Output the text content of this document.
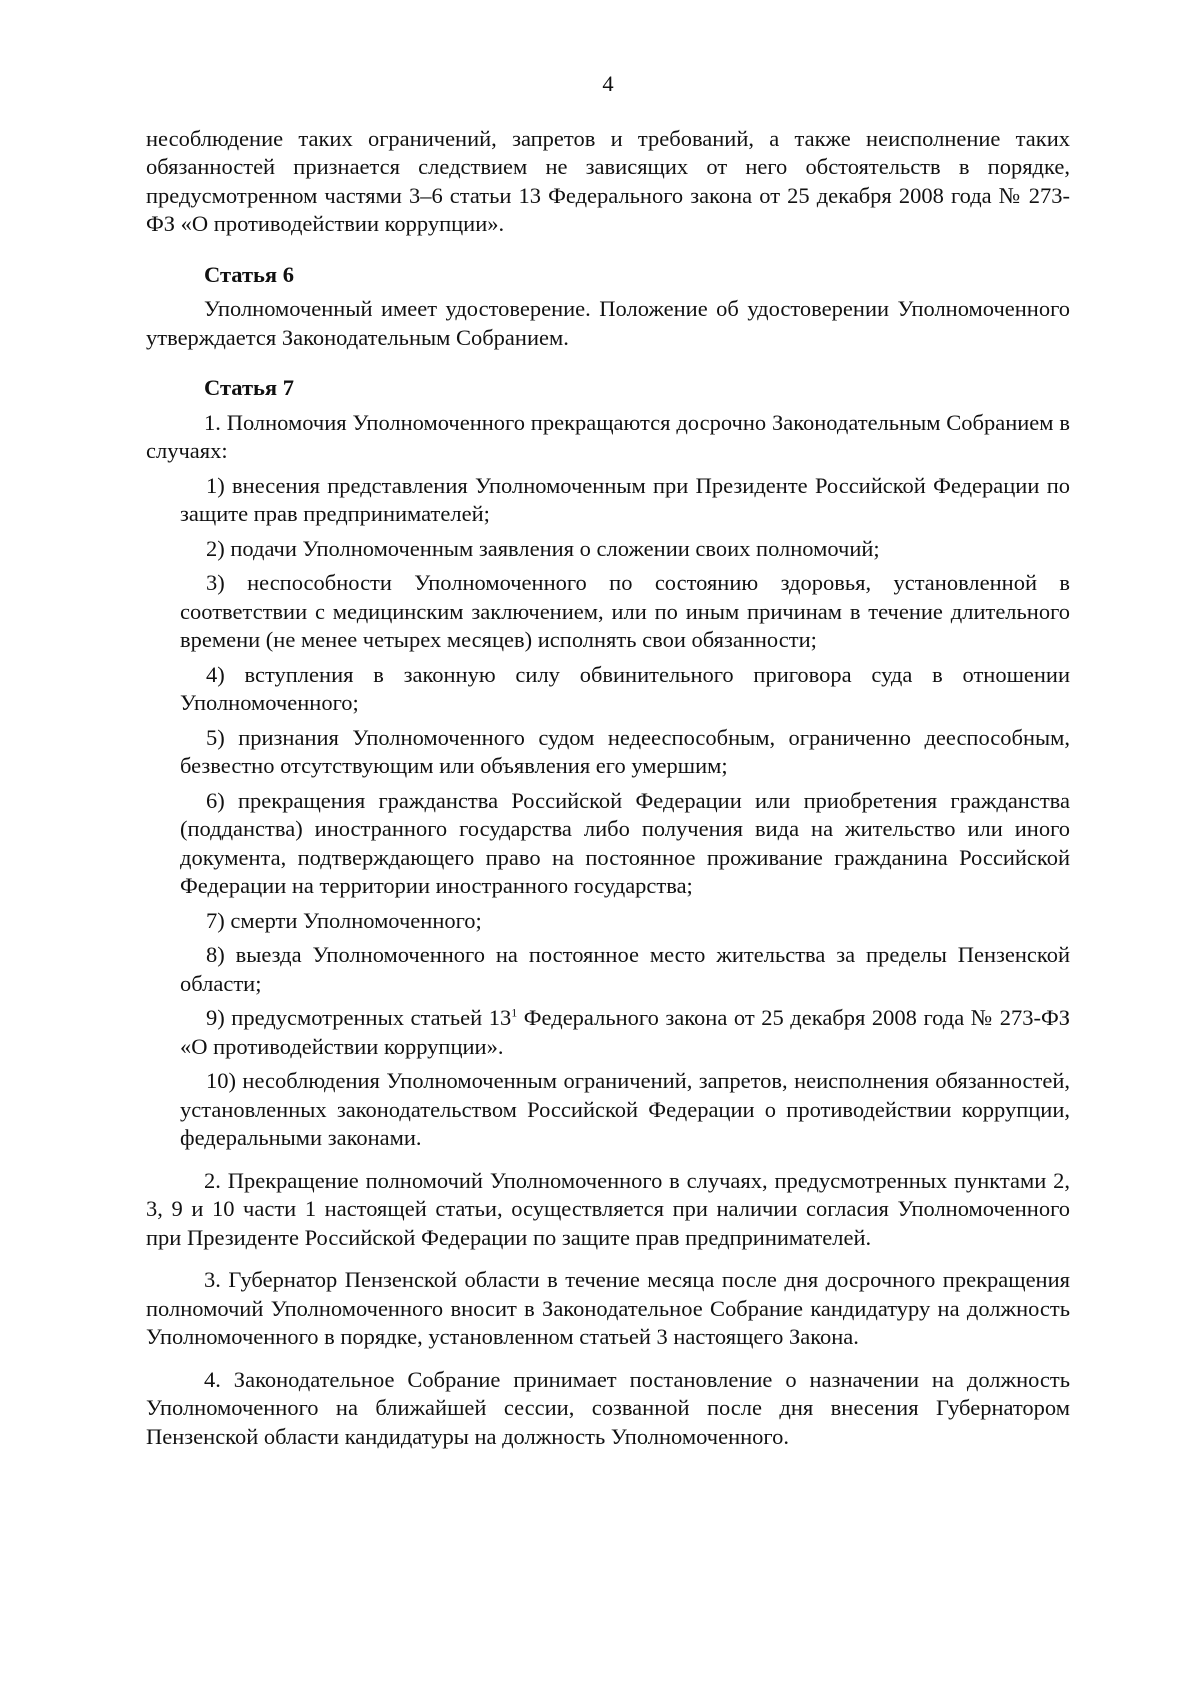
4

несоблюдение таких ограничений, запретов и требований, а также неисполнение таких обязанностей признается следствием не зависящих от него обстоятельств в порядке, предусмотренном частями 3–6 статьи 13 Федерального закона от 25 декабря 2008 года № 273-ФЗ «О противодействии коррупции».

Статья 6

Уполномоченный имеет удостоверение. Положение об удостоверении Уполномоченного утверждается Законодательным Собранием.

Статья 7

1. Полномочия Уполномоченного прекращаются досрочно Законодательным Собранием в случаях:

1) внесения представления Уполномоченным при Президенте Российской Федерации по защите прав предпринимателей;

2) подачи Уполномоченным заявления о сложении своих полномочий;

3) неспособности Уполномоченного по состоянию здоровья, установленной в соответствии с медицинским заключением, или по иным причинам в течение длительного времени (не менее четырех месяцев) исполнять свои обязанности;

4) вступления в законную силу обвинительного приговора суда в отношении Уполномоченного;

5) признания Уполномоченного судом недееспособным, ограниченно дееспособным, безвестно отсутствующим или объявления его умершим;

6) прекращения гражданства Российской Федерации или приобретения гражданства (подданства) иностранного государства либо получения вида на жительство или иного документа, подтверждающего право на постоянное проживание гражданина Российской Федерации на территории иностранного государства;

7) смерти Уполномоченного;

8) выезда Уполномоченного на постоянное место жительства за пределы Пензенской области;

9) предусмотренных статьей $13^1$ Федерального закона от 25 декабря 2008 года № 273-ФЗ «О противодействии коррупции».

10) несоблюдения Уполномоченным ограничений, запретов, неисполнения обязанностей, установленных законодательством Российской Федерации о противодействии коррупции, федеральными законами.

2. Прекращение полномочий Уполномоченного в случаях, предусмотренных пунктами 2, 3, 9 и 10 части 1 настоящей статьи, осуществляется при наличии согласия Уполномоченного при Президенте Российской Федерации по защите прав предпринимателей.

3. Губернатор Пензенской области в течение месяца после дня досрочного прекращения полномочий Уполномоченного вносит в Законодательное Собрание кандидатуру на должность Уполномоченного в порядке, установленном статьей 3 настоящего Закона.

4. Законодательное Собрание принимает постановление о назначении на должность Уполномоченного на ближайшей сессии, созванной после дня внесения Губернатором Пензенской области кандидатуры на должность Уполномоченного.
